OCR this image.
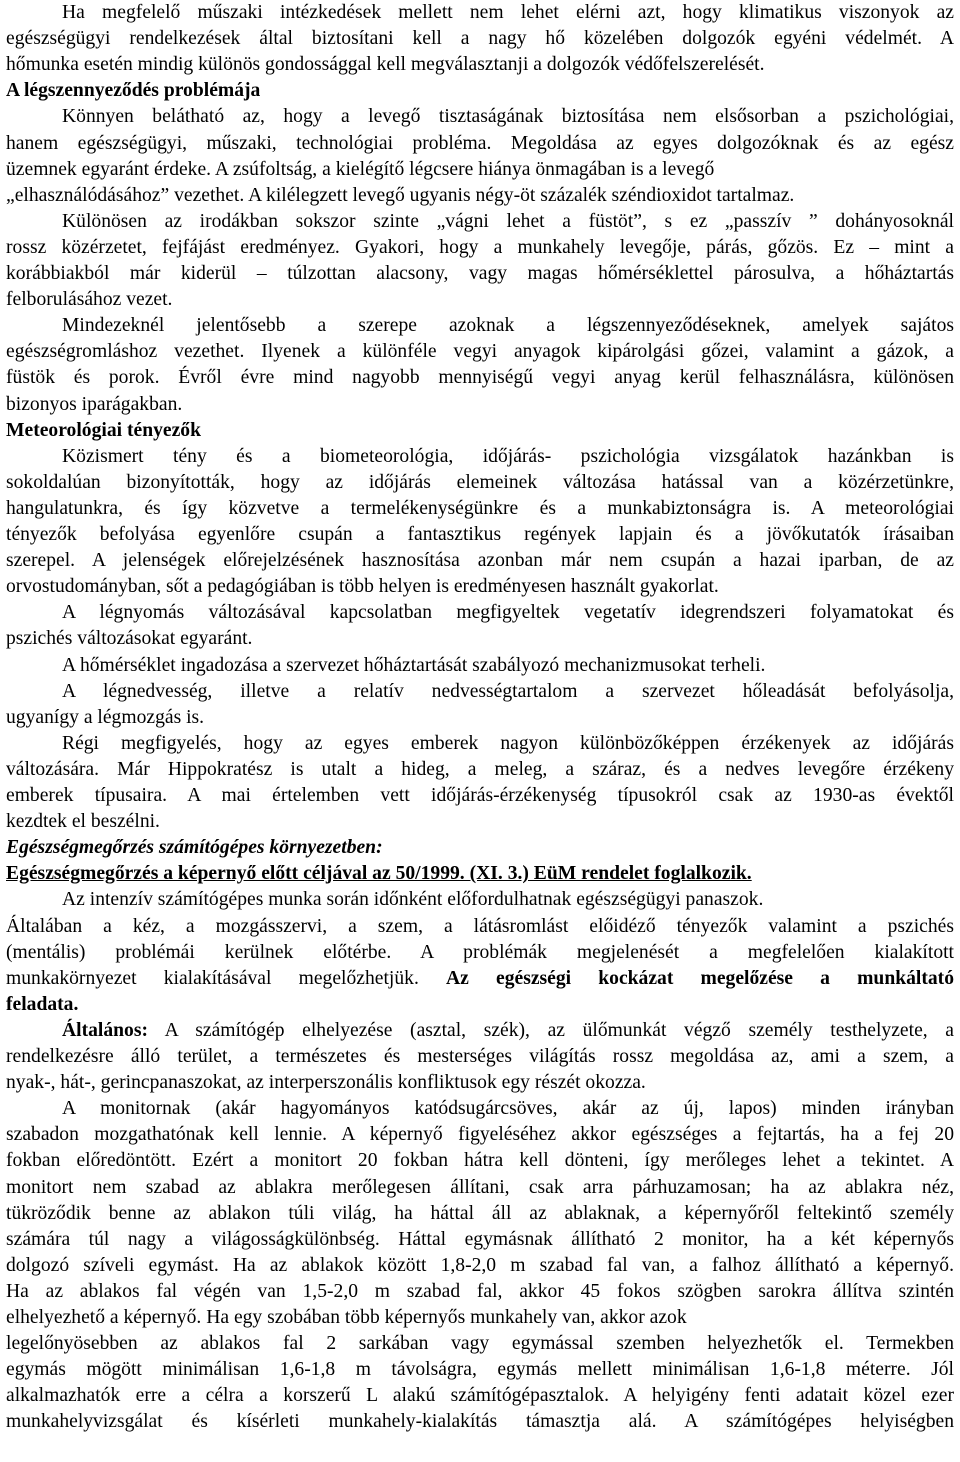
Ha megfelelő műszaki intézkedések mellett nem lehet elérni azt, hogy klimatikus viszonyok az
egészségügyi rendelkezések által biztosítani kell a nagy hő közelében dolgozók egyéni védelmét. A
hőmunka esetén mindig különös gondossággal kell megválasztanji a dolgozók védőfelszerelését.
A légszennyeződés problémája
Könnyen belátható az, hogy a levegő tisztaságának biztosítása nem elsősorban a pszichológiai,
hanem egészségügyi, műszaki, technológiai probléma. Megoldása az egyes dolgozóknak és az egész
üzemnek egyaránt érdeke. A zsúfoltság, a kielégítő légcsere hiánya önmagában is a levegő
„elhasználódásához” vezethet. A kilélegzett levegő ugyanis négy-öt százalék széndioxidot tartalmaz.
Különösen az irodákban sokszor szinte „vágni lehet a füstöt”, s ez „passzív ” dohányosoknál
rossz közérzetet, fejfájást eredményez. Gyakori, hogy a munkahely levegője, párás, gőzös. Ez – mint a
korábbiakból már kiderül – túlzottan alacsony, vagy magas hőmérséklettel párosulva, a hőháztartás
felborulásához vezet.
Mindezeknél jelentősebb a szerepe azoknak a légszennyeződéseknek, amelyek sajátos
egészségromláshoz vezethet. Ilyenek a különféle vegyi anyagok kipárolgási gőzei, valamint a gázok, a
füstök és porok. Évről évre mind nagyobb mennyiségű vegyi anyag kerül felhasználásra, különösen
bizonyos iparágakban.
Meteorológiai tényezők
Közismert tény és a biometeorológia, időjárás- pszichológia vizsgálatok hazánkban is
sokoldalúan bizonyították, hogy az időjárás elemeinek változása hatással van a közérzetünkre,
hangulatunkra, és így közvetve a termelékenységünkre és a munkabiztonságra is. A meteorológiai
tényezők befolyása egyenlőre csupán a fantasztikus regények lapjain és a jövőkutatók írásaiban
szerepel. A jelenségek előrejelzésének hasznosítása azonban már nem csupán a hazai iparban, de az
orvostudományban, sőt a pedagógiában is több helyen is eredményesen használt gyakorlat.
A légnyomás változásával kapcsolatban megfigyeltek vegetatív idegrendszeri folyamatokat és
pszichés változásokat egyaránt.
A hőmérséklet ingadozása a szervezet hőháztartását szabályozó mechanizmusokat terheli.
A légnedvesség, illetve a relatív nedvességtartalom a szervezet hőleadását befolyásolja,
ugyanígy a légmozgás is.
Régi megfigyelés, hogy az egyes emberek nagyon különbözőképpen érzékenyek az időjárás
változására. Már Hippokratész is utalt a hideg, a meleg, a száraz, és a nedves levegőre érzékeny
emberek típusaira. A mai értelemben vett időjárás-érzékenység típusokról csak az 1930-as évektől
kezdtek el beszélni.
Egészségmegőrzés számítógépes környezetben:
Egészségmegőrzés a képernyő előtt céljával az 50/1999. (XI. 3.) EüM rendelet foglalkozik.
Az intenzív számítógépes munka során időnként előfordulhatnak egészségügyi panaszok.
Általában a kéz, a mozgásszervi, a szem, a látásromlást előidéző tényezők valamint a pszichés
(mentális) problémái kerülnek előtérbe. A problémák megjelenését a megfelelően kialakított
munkakörnyezet kialakításával megelőzhetjük. Az egészségi kockázat megelőzése a munkáltató
feladata.
Általános: A számítógép elhelyezése (asztal, szék), az ülőmunkát végző személy testhelyzete, a
rendelkezésre álló terület, a természetes és mesterséges világítás rossz megoldása az, ami a szem, a
nyak-, hát-, gerincpanaszokat, az interperszonális konfliktusok egy részét okozza.
A monitornak (akár hagyományos katódsugárcsöves, akár az új, lapos) minden irányban
szabadon mozgathatónak kell lennie. A képernyő figyeléséhez akkor egészséges a fejtartás, ha a fej 20
fokban előredöntött. Ezért a monitort 20 fokban hátra kell dönteni, így merőleges lehet a tekintet. A
monitort nem szabad az ablakra merőlegesen állítani, csak arra párhuzamosan; ha az ablakra néz,
tükröződik benne az ablakon túli világ, ha háttal áll az ablaknak, a képernyőről feltekintő személy
számára túl nagy a világosságkülönbség. Háttal egymásnak állítható 2 monitor, ha a két képernyős
dolgozó szíveli egymást. Ha az ablakok között 1,8-2,0 m szabad fal van, a falhoz állítható a képernyő.
Ha az ablakos fal végén van 1,5-2,0 m szabad fal, akkor 45 fokos szögben sarokra állítva szintén
elhelyezhető a képernyő. Ha egy szobában több képernyős munkahely van, akkor azok
legelőnyösebben az ablakos fal 2 sarkában vagy egymással szemben helyezhetők el. Termekben
egymás mögött minimálisan 1,6-1,8 m távolságra, egymás mellett minimálisan 1,6-1,8 méterre. Jól
alkalmazhatók erre a célra a korszerű L alakú számítógépasztalok. A helyigény fenti adatait közel ezer
munkahelyvizsgálat és kísérleti munkahely-kialakítás támasztja alá. A számítógépes helyiségben
